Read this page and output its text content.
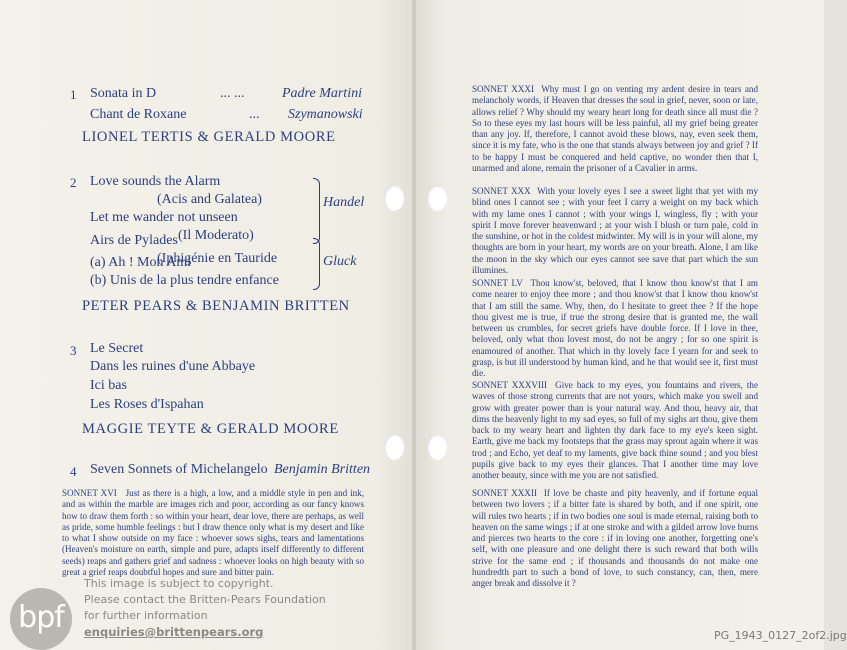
1 Sonata in D	... ...	Padre Martini
Chant de Roxane	... Szymanowski
LIONEL TERTIS & GERALD MOORE
2 Love sounds the Alarm
(Acis and Galatea)
Let me wander not unseen
(Il Moderato)
Handel
Airs de Pylades
(Iphigénie en Tauride
(a) Ah ! Mon Ami
(b) Unis de la plus tendre enfance
Gluck
PETER PEARS & BENJAMIN BRITTEN
3 Le Secret
Dans les ruines d'une Abbaye
Ici bas
Les Roses d'Ispahan
MAGGIE TEYTE & GERALD MOORE
4 Seven Sonnets of Michelangelo Benjamin Britten
SONNET XVI Just as there is a high, a low, and a middle style in pen and ink, and as within the marble are images rich and poor, according as our fancy knows how to draw them forth : so within your heart, dear love, there are perhaps, as well as pride, some humble feelings : but I draw thence only what is my desert and like to what I show outside on my face : whoever sows sighs, tears and lamentations (Heaven's moisture on earth, simple and pure, adapts itself differently to different seeds) reaps and gathers grief and sadness : whoever looks on high beauty with so great a grief reaps doubtful hopes and sure and bitter pain.
SONNET XXXI Why must I go on venting my ardent desire in tears and melancholy words, if Heaven that dresses the soul in grief, never, soon or late, allows relief ? Why should my weary heart long for death since all must die ? So to these eyes my last hours will be less painful, all my grief being greater than any joy. If, therefore, I cannot avoid these blows, nay, even seek them, since it is my fate, who is the one that stands always between joy and grief ? If to be happy I must be conquered and held captive, no wonder then that I, unarmed and alone, remain the prisoner of a Cavalier in arms.
SONNET XXX With your lovely eyes I see a sweet light that yet with my blind ones I cannot see ; with your feet I carry a weight on my back which with my lame ones I cannot ; with your wings I, wingless, fly ; with your spirit I move forever heavenward ; at your wish I blush or turn pale, cold in the sunshine, or hot in the coldest midwinter. My will is in your will alone, my thoughts are born in your heart, my words are on your breath. Alone, I am like the moon in the sky which our eyes cannot see save that part which the sun illumines.
SONNET LV Thou know'st, beloved, that I know thou know'st that I am come nearer to enjoy thee more ; and thou know'st that I know thou know'st that I am still the same. Why, then, do I hesitate to greet thee ? If the hope thou givest me is true, if true the strong desire that is granted me, the wall between us crumbles, for secret griefs have double force. If I love in thee, beloved, only what thou lovest most, do not be angry ; for so one spirit is enamoured of another. That which in thy lovely face I yearn for and seek to grasp, is but ill understood by human kind, and he that would see it, first must die.
SONNET XXXVIII Give back to my eyes, you fountains and rivers, the waves of those strong currents that are not yours, which make you swell and grow with greater power than is your natural way. And thou, heavy air, that dims the heavenly light to my sad eyes, so full of my sighs art thou, give them back to my weary heart and lighten thy dark face to my eye's keen sight. Earth, give me back my footsteps that the grass may sprout again where it was trod ; and Echo, yet deaf to my laments, give back thine sound ; and you blest pupils give back to my eyes their glances. That I another time may love another beauty, since with me you are not satisfied.
SONNET XXXII If love be chaste and pity heavenly, and if fortune equal between two lovers ; if a bitter fate is shared by both, and if one spirit, one will rules two hearts ; if in two bodies one soul is made eternal, raising both to heaven on the same wings ; if at one stroke and with a gilded arrow love burns and pierces two hearts to the core : if in loving one another, forgetting one's self, with one pleasure and one delight there is such reward that both wills strive for the same end ; if thousands and thousands do not make one hundredth part to such a bond of love, to such constancy, can, then, mere anger break and dissolve it ?
bpf
This image is subject to copyright.
Please contact the Britten-Pears Foundation
for further information
enquiries@brittenpears.org	PG_1943_0127_2of2.jpg
